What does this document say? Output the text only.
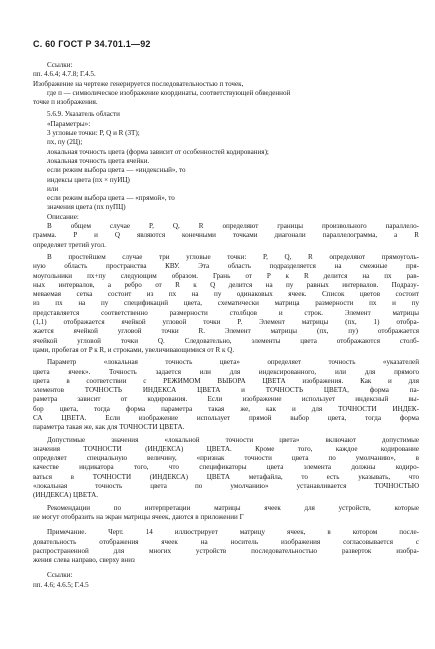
С. 60 ГОСТ Р 34.701.1—92
Ссылки:
пп. 4.6.4; 4.7.8; Г.4.5.
Изображение на чертеже генерируется последовательностью п точек,
где п — символическое изображение координаты, соответствующей обведенной
точке п изображения.
5.6.9. Указатель области
«Параметры»:
3 угловые точки: P, Q и R (3T);
пх, пу (2Ц);
локальная точность цвета (форма зависит от особенностей кодирования);
локальная точность цвета ячейки.
если режим выбора цвета — «индексный», то
индексы цвета (пх × пуИЦ)
или
если режим выбора цвета — «прямой», то
значения цвета (пх пуПЦ)
Описание:
В общем случае P, Q, R определяют границы произвольного параллело-
грамма. P и Q являются конечными точками диагонали параллелограмма, а R
определяет третий угол.
В простейшем случае три угловые точки: P, Q, R определяют прямоуголь-
ную область пространства КВУ. Эта область подразделяется на смежные пря-
моугольники пх+пу следующим образом. Грань от P к R делится на пх рав-
ных интервалов, а ребро от R к Q делится на пу равных интервалов. Подразу-
меваемая сетка состоит из пх на пу одинаковых ячеек. Список цветов состоит
из пх на пу спецификаций цвета, схематически матрица размерности пх и пу
представляется соответственно размерности столбцов и строк. Элемент матрицы
(1,1) отображается ячейкой угловой точки P. Элемент матрицы (пх, 1) отобра-
жается ячейкой угловой точки R. Элемент матрицы (пх, пу) отображается
ячейкой угловой точки Q. Следовательно, элементы цвета отображаются столб-
цами, пробегая от P к R, и строками, увеличивающимися от R к Q.
Параметр «локальная точность цвета» определяет точность «указателей
цвета ячеек». Точность задается или для индексированного, или для прямого
цвета в соответствии с РЕЖИМОМ ВЫБОРА ЦВЕТА изображения. Как и для
элементов ТОЧНОСТЬ ИНДЕКСА ЦВЕТА и ТОЧНОСТЬ ЦВЕТА, форма па-
раметра зависит от кодирования. Если изображение использует индексный вы-
бор цвета, тогда форма параметра такая же, как и для ТОЧНОСТИ ИНДЕК-
СА ЦВЕТА. Если изображение использует прямой выбор цвета, тогда форма
параметра такая же, как для ТОЧНОСТИ ЦВЕТА.
Допустимые значения «локальной точности цвета» включают допустимые
значения ТОЧНОСТИ (ИНДЕКСА) ЦВЕТА. Кроме того, каждое кодирование
определяет специальную величину, «признак точности цвета по умолчанию», в
качестве индикатора того, что спецификаторы цвета элемента должны кодиро-
ваться в ТОЧНОСТИ (ИНДЕКСА) ЦВЕТА метафайла, то есть указывать, что
«локальная точность цвета по умолчанию» устанавливается ТОЧНОСТЬЮ
(ИНДЕКСА) ЦВЕТА.
Рекомендации по интерпретации матрицы ячеек для устройств, которые
не могут отобразить на экран матрицы ячеек, даются в приложении Г
Примечание. Черт. 14 иллюстрирует матрицу ячеек, в котором после-
довательность отображения ячеек на носитель изображения согласовывается с
распространенной для многих устройств последовательностью разверток изобра-
жения слева направо, сверху вниз
Ссылки:
пп. 4.6; 4.6.5; Г.4.5
